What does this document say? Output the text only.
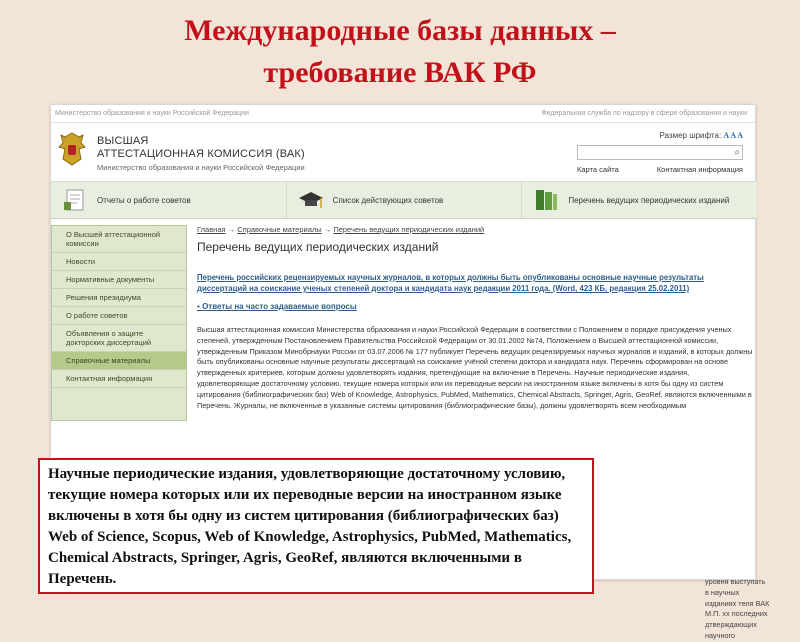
Международные базы данных –
требование ВАК РФ
Министерство образования и науки Российской Федерации	Федеральная служба по надзору в сфере образования и науки
ВЫСШАЯ
АТТЕСТАЦИОННАЯ КОМИССИЯ (ВАК)
Министерство образования и науки Российской Федерации
Размер шрифта: A A A
⌕
Карта сайта	Контактная информация
Отчеты о работе советов	Список действующих советов	Перечень ведущих периодических изданий
О Высшей аттестационной комиссии
Новости
Нормативные документы
Решения президиума
О работе советов
Объявления о защите докторских диссертаций
Справочные материалы
Контактная информация
Главная → Справочные материалы → Перечень ведущих периодических изданий
Перечень ведущих периодических изданий
Перечень российских рецензируемых научных журналов, в которых должны быть опубликованы основные научные результаты диссертаций на соискание ученых степеней доктора и кандидата наук редакции 2011 года. (Word, 423 КБ, редакция 25.02.2011)
▪ Ответы на часто задаваемые вопросы
Высшая аттестационная комиссия Министерства образования и науки Российской Федерации в соответствии с Положением о порядке присуждения ученых степеней, утвержденным Постановлением Правительства Российской Федерации от 30.01.2002 №74, Положением о Высшей аттестационной комиссии, утвержденным Приказом Минобрнауки России от 03.07.2006 № 177 публикует Перечень ведущих рецензируемых научных журналов и изданий, в которых должны быть опубликованы основные научные результаты диссертаций на соискание учёной степени доктора и кандидата наук. Перечень сформирован на основе утвержденных критериев, которым должны удовлетворять издания, претендующие на включение в Перечень. Научные периодические издания, удовлетворяющие достаточному условию, текущие номера которых или их переводные версии на иностранном языке включены в хотя бы одну из систем цитирования (библиографических баз) Web of Knowledge, Astrophysics, PubMed, Mathematics, Chemical Abstracts, Springer, Agris, GeoRef, являются включенными в Перечень. Журналы, не включенные в указанные системы цитирования (библиографические базы), должны удовлетворять всем необходимым
уровня выступать в научных изданиях теля ВАК М.П. хх последних дтверждающих научного
Научные периодические издания, удовлетворяющие достаточному условию, текущие номера которых или их переводные версии на иностранном языке включены в хотя бы одну из систем цитирования (библиографических баз) Web of Science, Scopus, Web of Knowledge, Astrophysics, PubMed, Mathematics, Chemical Abstracts, Springer, Agris, GeoRef, являются включенными в Перечень.
